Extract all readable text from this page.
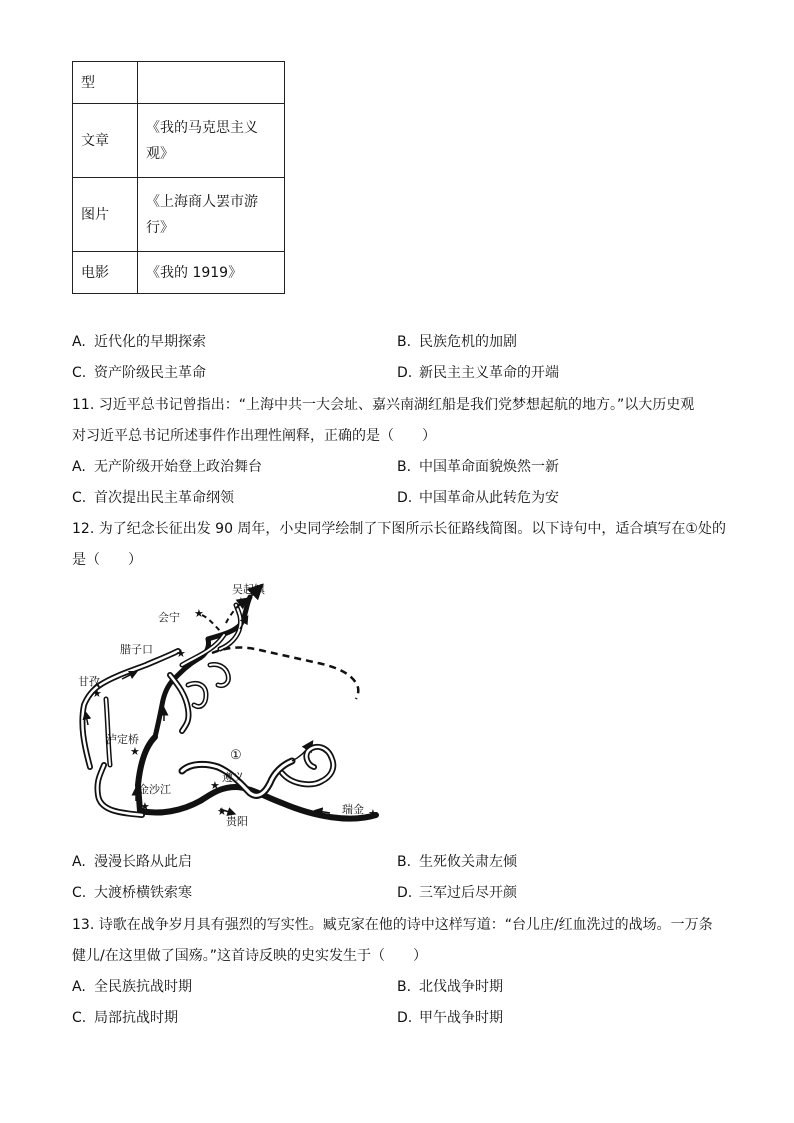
型	
文章	《我的马克思主义观》
图片	《上海商人罢市游行》
电影	《我的 1919》
A. 近代化的早期探索	B. 民族危机的加剧
C. 资产阶级民主革命	D. 新民主主义革命的开端
11. 习近平总书记曾指出：“上海中共一大会址、嘉兴南湖红船是我们党梦想起航的地方。”以大历史观
对习近平总书记所述事件作出理性阐释，正确的是（　　）
A. 无产阶级开始登上政治舞台	B. 中国革命面貌焕然一新
C. 首次提出民主革命纲领	D. 中国革命从此转危为安
12. 为了纪念长征出发 90 周年，小史同学绘制了下图所示长征路线简图。以下诗句中，适合填写在①处的
是（　　）
★
★
★
★
★
★
★	★	★
吴起镇
会宁
腊子口
甘孜
泸定桥
①
遵义
金沙江
贵阳
瑞金
A. 漫漫长路从此启	B. 生死攸关肃左倾
C. 大渡桥横铁索寒	D. 三军过后尽开颜
13. 诗歌在战争岁月具有强烈的写实性。臧克家在他的诗中这样写道：“台儿庄/红血洗过的战场。一万条
健儿/在这里做了国殇。”这首诗反映的史实发生于（　　）
A. 全民族抗战时期	B. 北伐战争时期
C. 局部抗战时期	D. 甲午战争时期
